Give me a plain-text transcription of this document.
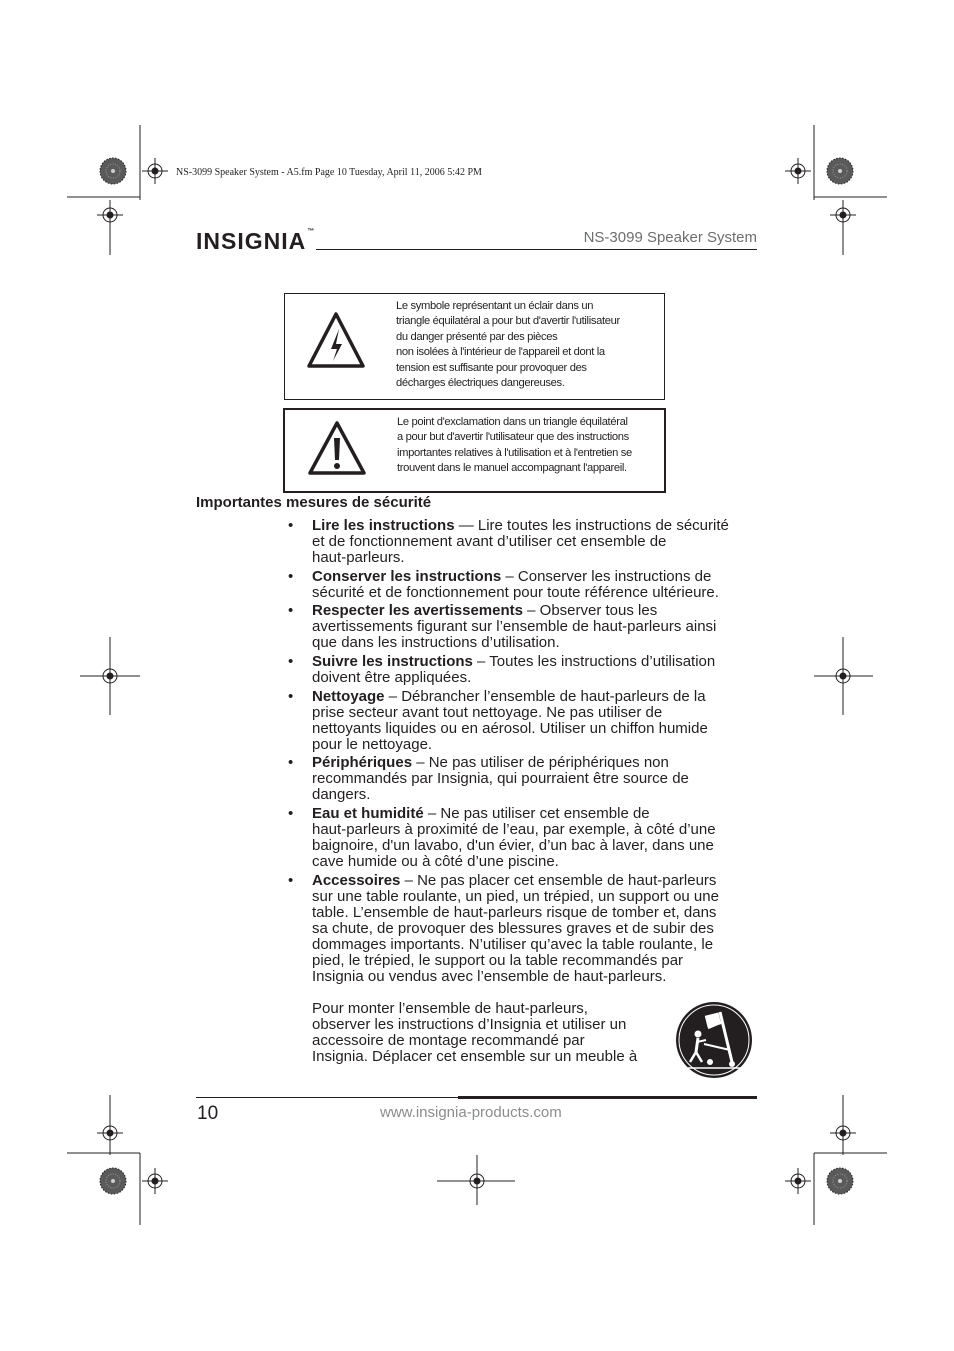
NS-3099 Speaker System - A5.fm Page 10 Tuesday, April 11, 2006 5:42 PM
INSIGNIA™	NS-3099 Speaker System
Le symbole représentant un éclair dans un
triangle équilatéral a pour but d'avertir l'utilisateur
du danger présenté par des pièces
non isolées à l'intérieur de l'appareil et dont la
tension est suffisante pour provoquer des
décharges électriques dangereuses.
Le point d'exclamation dans un triangle équilatéral
a pour but d'avertir l'utilisateur que des instructions
importantes relatives à l'utilisation et à l'entretien se
trouvent dans le manuel accompagnant l'appareil.
Importantes mesures de sécurité
• Lire les instructions — Lire toutes les instructions de sécurité
et de fonctionnement avant d’utiliser cet ensemble de
haut-parleurs.
• Conserver les instructions – Conserver les instructions de
sécurité et de fonctionnement pour toute référence ultérieure.
• Respecter les avertissements – Observer tous les
avertissements figurant sur l’ensemble de haut-parleurs ainsi
que dans les instructions d’utilisation.
• Suivre les instructions – Toutes les instructions d’utilisation
doivent être appliquées.
• Nettoyage – Débrancher l’ensemble de haut-parleurs de la
prise secteur avant tout nettoyage. Ne pas utiliser de
nettoyants liquides ou en aérosol. Utiliser un chiffon humide
pour le nettoyage.
• Périphériques – Ne pas utiliser de périphériques non
recommandés par Insignia, qui pourraient être source de
dangers.
• Eau et humidité – Ne pas utiliser cet ensemble de
haut-parleurs à proximité de l’eau, par exemple, à côté d’une
baignoire, d'un lavabo, d'un évier, d’un bac à laver, dans une
cave humide ou à côté d’une piscine.
• Accessoires – Ne pas placer cet ensemble de haut-parleurs
sur une table roulante, un pied, un trépied, un support ou une
table. L’ensemble de haut-parleurs risque de tomber et, dans
sa chute, de provoquer des blessures graves et de subir des
dommages importants. N’utiliser qu’avec la table roulante, le
pied, le trépied, le support ou la table recommandés par
Insignia ou vendus avec l’ensemble de haut-parleurs.
Pour monter l’ensemble de haut-parleurs,
observer les instructions d’Insignia et utiliser un
accessoire de montage recommandé par
Insignia. Déplacer cet ensemble sur un meuble à
10	www.insignia-products.com
